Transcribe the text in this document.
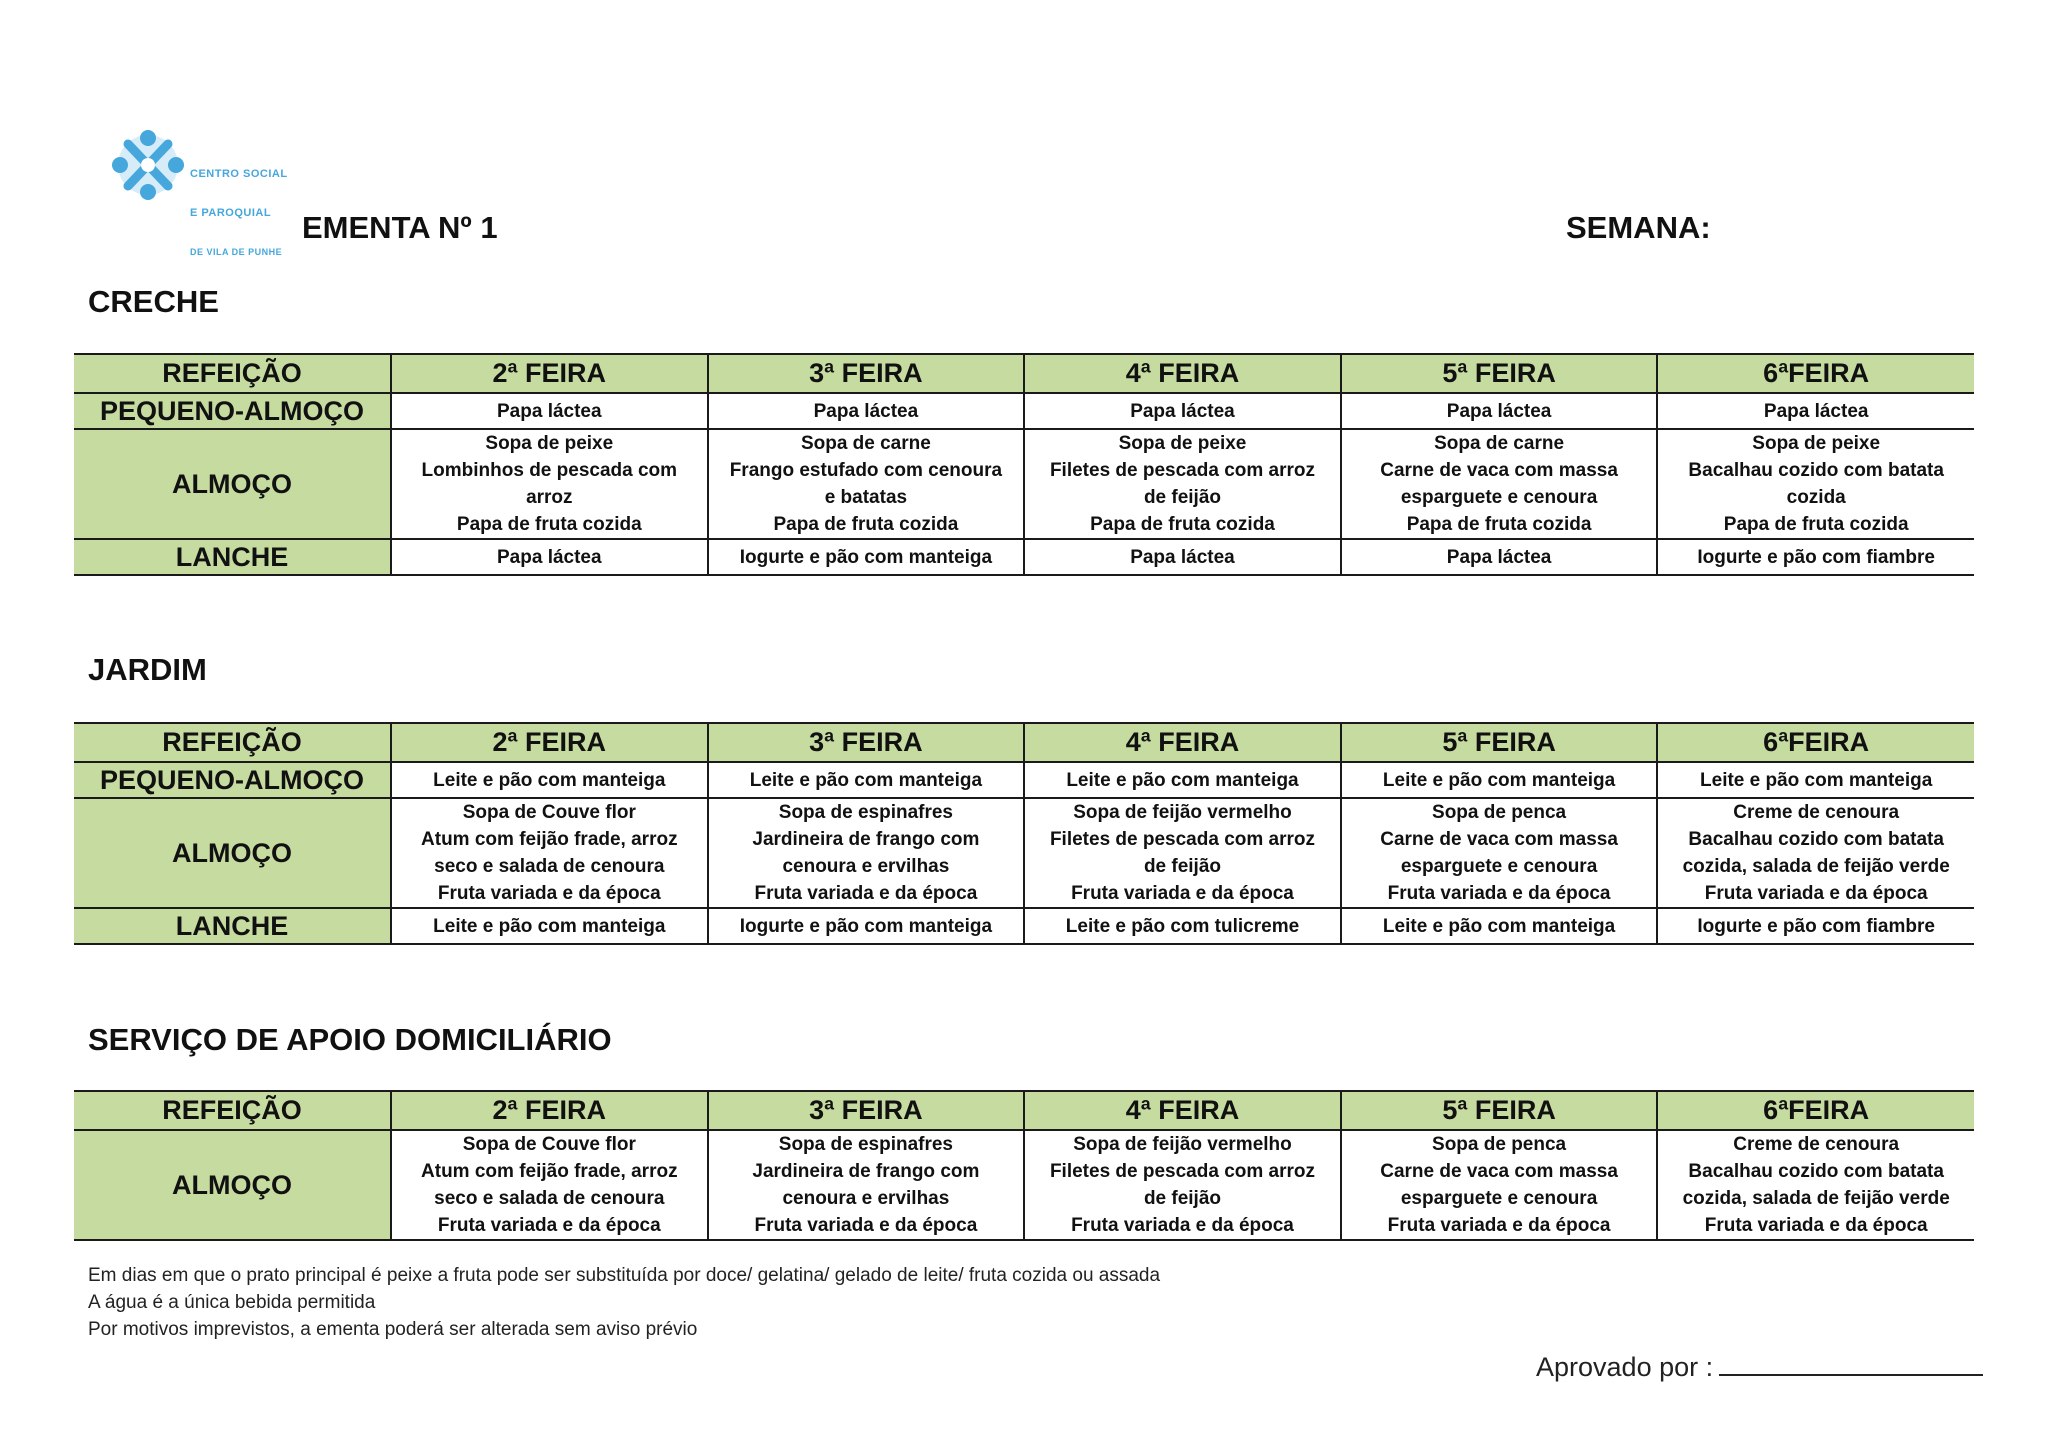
CENTRO SOCIAL

E PAROQUIAL

DE VILA DE PUNHE

EMENTA Nº 1	SEMANA:
CRECHE
REFEIÇÃO	2ª FEIRA	3ª FEIRA	4ª FEIRA	5ª FEIRA	6ªFEIRA
PEQUENO-ALMOÇO	Papa láctea	Papa láctea	Papa láctea	Papa láctea	Papa láctea
ALMOÇO	Sopa de peixe
Lombinhos de pescada com
arroz
Papa de fruta cozida	Sopa de carne
Frango estufado com cenoura
e batatas
Papa de fruta cozida	Sopa de peixe
Filetes de pescada com arroz
de feijão
Papa de fruta cozida	Sopa de carne
Carne de vaca com massa
esparguete e cenoura
Papa de fruta cozida	Sopa de peixe
Bacalhau cozido com batata
cozida
Papa de fruta cozida
LANCHE	Papa láctea	Iogurte e pão com manteiga	Papa láctea	Papa láctea	Iogurte e pão com fiambre
JARDIM
REFEIÇÃO	2ª FEIRA	3ª FEIRA	4ª FEIRA	5ª FEIRA	6ªFEIRA
PEQUENO-ALMOÇO	Leite e pão com manteiga	Leite e pão com manteiga	Leite e pão com manteiga	Leite e pão com manteiga	Leite e pão com manteiga
ALMOÇO	Sopa de Couve flor
Atum com feijão frade, arroz
seco e salada de cenoura
Fruta variada e da época	Sopa de espinafres
Jardineira de frango com
cenoura e ervilhas
Fruta variada e da época	Sopa de feijão vermelho
Filetes de pescada com arroz
de feijão
Fruta variada e da época	Sopa de penca
Carne de vaca com massa
esparguete e cenoura
Fruta variada e da época	Creme de cenoura
Bacalhau cozido com batata
cozida, salada de feijão verde
Fruta variada e da época
LANCHE	Leite e pão com manteiga	Iogurte e pão com manteiga	Leite e pão com tulicreme	Leite e pão com manteiga	Iogurte e pão com fiambre
SERVIÇO DE APOIO DOMICILIÁRIO
REFEIÇÃO	2ª FEIRA	3ª FEIRA	4ª FEIRA	5ª FEIRA	6ªFEIRA
ALMOÇO	Sopa de Couve flor
Atum com feijão frade, arroz
seco e salada de cenoura
Fruta variada e da época	Sopa de espinafres
Jardineira de frango com
cenoura e ervilhas
Fruta variada e da época	Sopa de feijão vermelho
Filetes de pescada com arroz
de feijão
Fruta variada e da época	Sopa de penca
Carne de vaca com massa
esparguete e cenoura
Fruta variada e da época	Creme de cenoura
Bacalhau cozido com batata
cozida, salada de feijão verde
Fruta variada e da época
Em dias em que o prato principal é peixe a fruta pode ser substituída por doce/ gelatina/ gelado de leite/ fruta cozida ou assada
A água é a única bebida permitida
Por motivos imprevistos, a ementa poderá ser alterada sem aviso prévio
Aprovado por :
